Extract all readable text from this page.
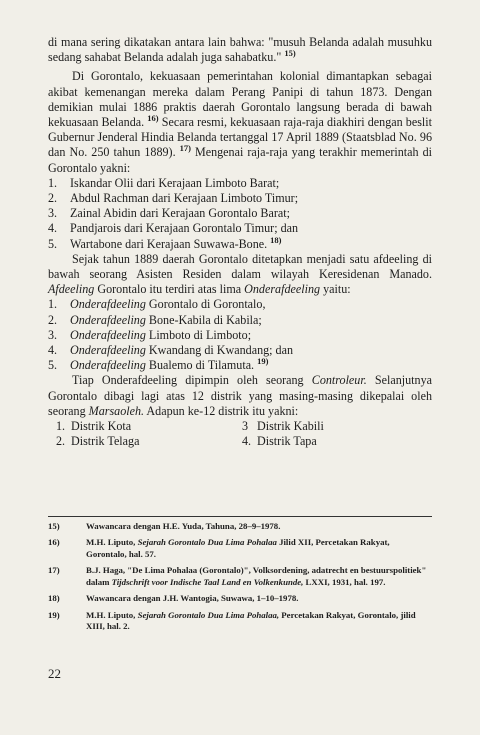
di mana sering dikatakan antara lain bahwa: "musuh Belanda adalah musuhku sedang sahabat Belanda adalah juga sahabatku." $^{15)}$

Di Gorontalo, kekuasaan pemerintahan kolonial dimantapkan sebagai akibat kemenangan mereka dalam Perang Panipi di tahun 1873. Dengan demikian mulai 1886 praktis daerah Gorontalo langsung berada di bawah kekuasaan Belanda. $^{16)}$ Secara resmi, kekuasaan raja-raja diakhiri dengan beslit Gubernur Jenderal Hindia Belanda tertanggal 17 April 1889 (Staatsblad No. 96 dan No. 250 tahun 1889). $^{17)}$ Mengenai raja-raja yang terakhir memerintah di Gorontalo yakni:

1.	Iskandar Olii dari Kerajaan Limboto Barat;
2.	Abdul Rachman dari Kerajaan Limboto Timur;
3.	Zainal Abidin dari Kerajaan Gorontalo Barat;
4.	Pandjarois dari Kerajaan Gorontalo Timur; dan
5.	Wartabone dari Kerajaan Suwawa-Bone. $^{18)}$

Sejak tahun 1889 daerah Gorontalo ditetapkan menjadi satu afdeeling di bawah seorang Asisten Residen dalam wilayah Keresidenan Manado. Afdeeling Gorontalo itu terdiri atas lima Onderafdeeling yaitu:

1.	Onderafdeeling Gorontalo di Gorontalo,
2.	Onderafdeeling Bone-Kabila di Kabila;
3.	Onderafdeeling Limboto di Limboto;
4.	Onderafdeeling Kwandang di Kwandang; dan
5.	Onderafdeeling Bualemo di Tilamuta. $^{19)}$

Tiap Onderafdeeling dipimpin oleh seorang Controleur. Selanjutnya Gorontalo dibagi lagi atas 12 distrik yang masing-masing dikepalai oleh seorang Marsaoleh. Adapun ke-12 distrik itu yakni:

1. Distrik Kota	3 Distrik Kabili
2. Distrik Telaga	4. Distrik Tapa
15)	Wawancara dengan H.E. Yuda, Tahuna, 28–9–1978.
16)	M.H. Liputo, Sejarah Gorontalo Dua Lima Pohalaa Jilid XII, Percetakan Rakyat, Gorontalo, hal. 57.
17)	B.J. Haga, "De Lima Pohalaa (Gorontalo)", Volksordening, adatrecht en bestuurspolitiek" dalam Tijdschrift voor Indische Taal Land en Volkenkunde, LXXI, 1931, hal. 197.
18)	Wawancara dengan J.H. Wantogia, Suwawa, 1–10–1978.
19)	M.H. Liputo, Sejarah Gorontalo Dua Lima Pohalaa, Percetakan Rakyat, Gorontalo, jilid XIII, hal. 2.
22
